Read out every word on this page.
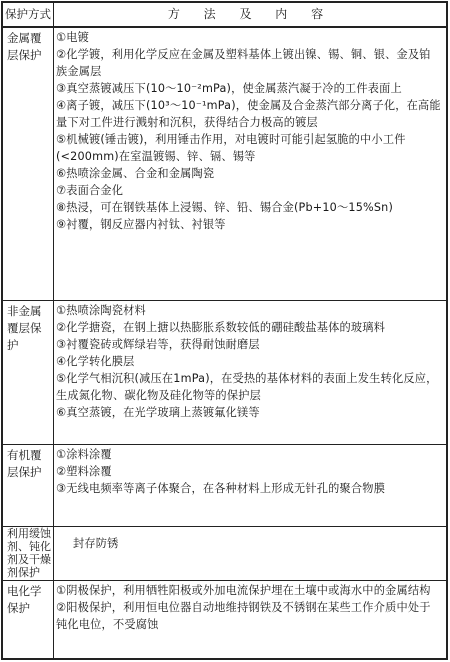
保护方式	方 法 及 内 容
金属覆层保护
①电镀
②化学镀，利用化学反应在金属及塑料基体上镀出镍、锡、铜、银、金及铂族金属层
③真空蒸镀减压下(10～10⁻²mPa)，使金属蒸汽凝于冷的工件表面上
④离子镀，减压下(10³～10⁻¹mPa)，使金属及合金蒸汽部分离子化，在高能量下对工件进行溅射和沉积，获得结合力极高的镀层
⑤机械镀(锤击镀)，利用锤击作用，对电镀时可能引起氢脆的中小工件(<200mm)在室温镀锡、锌、镉、锡等
⑥热喷涂金属、合金和金属陶瓷
⑦表面合金化
⑧热浸，可在钢铁基体上浸锡、锌、铅、锡合金(Pb+10～15%Sn)
⑨衬覆，钢反应器内衬钛、衬银等
非金属覆层保护
①热喷涂陶瓷材料
②化学搪瓷，在钢上搪以热膨胀系数较低的硼硅酸盐基体的玻璃料
③衬覆瓷砖或辉绿岩等，获得耐蚀耐磨层
④化学转化膜层
⑤化学气相沉积(减压在1mPa)，在受热的基体材料的表面上发生转化反应，生成氮化物、碳化物及硅化物等的保护层
⑥真空蒸镀，在光学玻璃上蒸镀氟化镁等
有机覆层保护
①涂料涂覆
②塑料涂覆
③无线电频率等离子体聚合，在各种材料上形成无针孔的聚合物膜
利用缓蚀剂、钝化剂及干燥剂保护
封存防锈
电化学保护
①阴极保护，利用牺牲阳极或外加电流保护埋在土壤中或海水中的金属结构
②阳极保护，利用恒电位器自动地维持钢铁及不锈钢在某些工作介质中处于钝化电位，不受腐蚀
